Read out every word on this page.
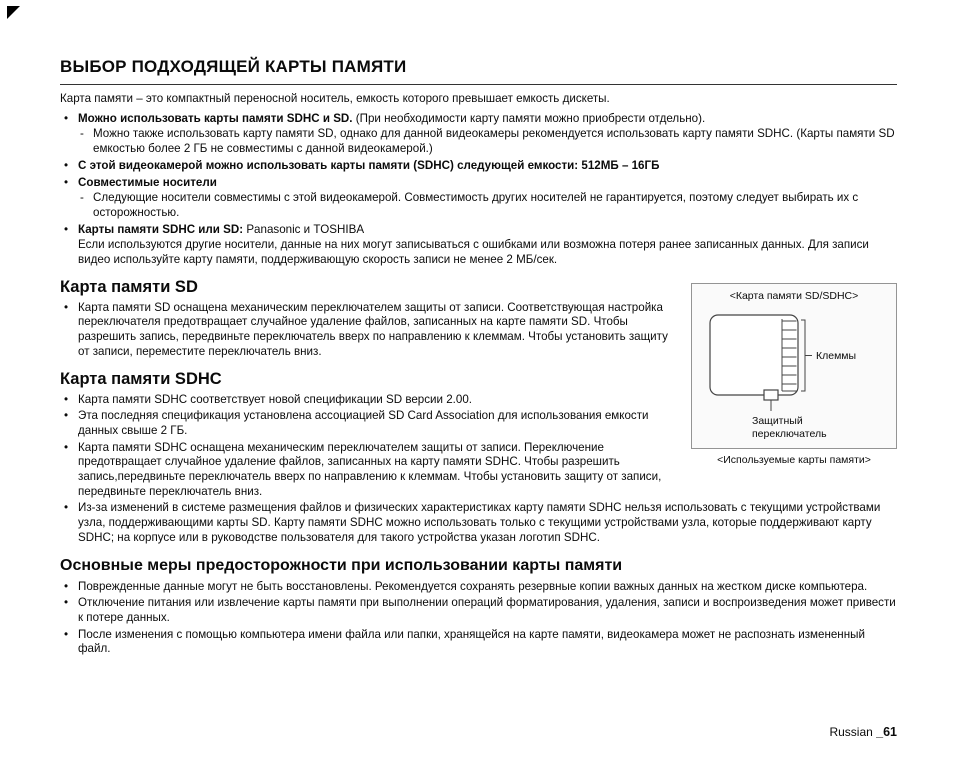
ВЫБОР ПОДХОДЯЩЕЙ КАРТЫ ПАМЯТИ

Карта памяти – это компактный переносной носитель, емкость которого превышает емкость дискеты.

• Можно использовать карты памяти SDHC и SD. (При необходимости карту памяти можно приобрести отдельно).
- Можно также использовать карту памяти SD, однако для данной видеокамеры рекомендуется использовать карту памяти SDHC. (Карты памяти SD емкостью более 2 ГБ не совместимы с данной видеокамерой.)
• С этой видеокамерой можно использовать карты памяти (SDHC) следующей емкости: 512МБ – 16ГБ
• Совместимые носители
- Следующие носители совместимы с этой видеокамерой. Совместимость других носителей не гарантируется, поэтому следует выбирать их с осторожностью.
• Карты памяти SDHC или SD: Panasonic и TOSHIBA
Если используются другие носители, данные на них могут записываться с ошибками или возможна потеря ранее записанных данных. Для записи видео используйте карту памяти, поддерживающую скорость записи не менее 2 МБ/сек.
<Карта памяти SD/SDHC>
Клеммы
Защитный
переключатель
<Используемые карты памяти>
Карта памяти SD
• Карта памяти SD оснащена механическим переключателем защиты от записи. Соответствующая настройка переключателя предотвращает случайное удаление файлов, записанных на карте памяти SD. Чтобы разрешить запись, передвиньте переключатель вверх по направлению к клеммам. Чтобы установить защиту от записи, переместите переключатель вниз.
Карта памяти SDHC
• Карта памяти SDHC соответствует новой спецификации SD версии 2.00.
• Эта последняя спецификация установлена ассоциацией SD Card Association для использования емкости данных свыше 2 ГБ.
• Карта памяти SDHC оснащена механическим переключателем защиты от записи. Переключение предотвращает случайное удаление файлов, записанных на карту памяти SDHC. Чтобы разрешить запись,передвиньте переключатель вверх по направлению к клеммам. Чтобы установить защиту от записи, передвиньте переключатель вниз.
• Из-за изменений в системе размещения файлов и физических характеристиках карту памяти SDHC нельзя использовать с текущими устройствами узла, поддерживающими карты SD. Карту памяти SDHC можно использовать только с текущими устройствами узла, которые поддерживают карту SDHC; на корпусе или в руководстве пользователя для такого устройства указан логотип SDHC.
Основные меры предосторожности при использовании карты памяти
• Поврежденные данные могут не быть восстановлены. Рекомендуется сохранять резервные копии важных данных на жестком диске компьютера.
• Отключение питания или извлечение карты памяти при выполнении операций форматирования, удаления, записи и воспроизведения может привести к потере данных.
• После изменения с помощью компьютера имени файла или папки, хранящейся на карте памяти, видеокамера может не распознать измененный файл.
Russian _61
